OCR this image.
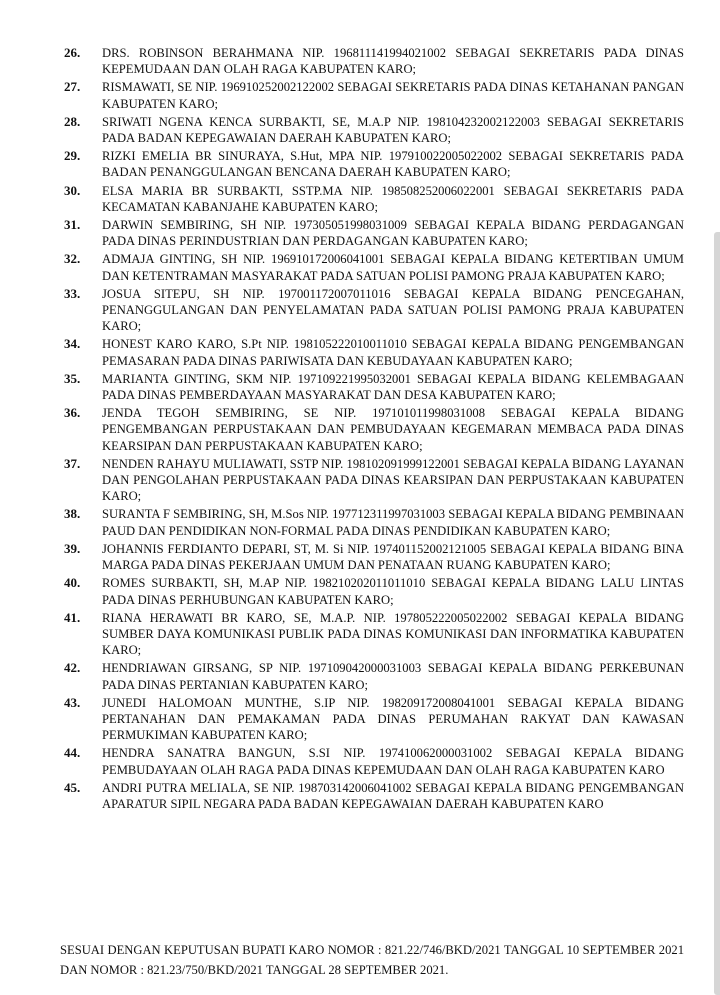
26.	DRS. ROBINSON BERAHMANA NIP. 196811141994021002 SEBAGAI SEKRETARIS PADA DINAS KEPEMUDAAN DAN OLAH RAGA KABUPATEN KARO;
27.	RISMAWATI, SE NIP. 196910252002122002 SEBAGAI SEKRETARIS PADA DINAS KETAHANAN PANGAN KABUPATEN KARO;
28.	SRIWATI NGENA KENCA SURBAKTI, SE, M.A.P NIP. 198104232002122003 SEBAGAI SEKRETARIS PADA BADAN KEPEGAWAIAN DAERAH KABUPATEN KARO;
29.	RIZKI EMELIA BR SINURAYA, S.Hut, MPA NIP. 197910022005022002 SEBAGAI SEKRETARIS PADA BADAN PENANGGULANGAN BENCANA DAERAH KABUPATEN KARO;
30.	ELSA MARIA BR SURBAKTI, SSTP.MA NIP. 198508252006022001 SEBAGAI SEKRETARIS PADA KECAMATAN KABANJAHE KABUPATEN KARO;
31.	DARWIN SEMBIRING, SH NIP. 197305051998031009 SEBAGAI KEPALA BIDANG PERDAGANGAN PADA DINAS PERINDUSTRIAN DAN PERDAGANGAN KABUPATEN KARO;
32.	ADMAJA GINTING, SH NIP. 196910172006041001 SEBAGAI KEPALA BIDANG KETERTIBAN UMUM DAN KETENTRAMAN MASYARAKAT PADA SATUAN POLISI PAMONG PRAJA KABUPATEN KARO;
33.	JOSUA SITEPU, SH NIP. 197001172007011016 SEBAGAI KEPALA BIDANG PENCEGAHAN, PENANGGULANGAN DAN PENYELAMATAN PADA SATUAN POLISI PAMONG PRAJA KABUPATEN KARO;
34.	HONEST KARO KARO, S.Pt NIP. 198105222010011010 SEBAGAI KEPALA BIDANG PENGEMBANGAN PEMASARAN PADA DINAS PARIWISATA DAN KEBUDAYAAN KABUPATEN KARO;
35.	MARIANTA GINTING, SKM NIP. 197109221995032001 SEBAGAI KEPALA BIDANG KELEMBAGAAN PADA DINAS PEMBERDAYAAN MASYARAKAT DAN DESA KABUPATEN KARO;
36.	JENDA TEGOH SEMBIRING, SE NIP. 197101011998031008 SEBAGAI KEPALA BIDANG PENGEMBANGAN PERPUSTAKAAN DAN PEMBUDAYAAN KEGEMARAN MEMBACA PADA DINAS KEARSIPAN DAN PERPUSTAKAAN KABUPATEN KARO;
37.	NENDEN RAHAYU MULIAWATI, SSTP NIP. 198102091999122001 SEBAGAI KEPALA BIDANG LAYANAN DAN PENGOLAHAN PERPUSTAKAAN PADA DINAS KEARSIPAN DAN PERPUSTAKAAN KABUPATEN KARO;
38.	SURANTA F SEMBIRING, SH, M.Sos NIP. 197712311997031003 SEBAGAI KEPALA BIDANG PEMBINAAN PAUD DAN PENDIDIKAN NON-FORMAL PADA DINAS PENDIDIKAN KABUPATEN KARO;
39.	JOHANNIS FERDIANTO DEPARI, ST, M. Si NIP. 197401152002121005 SEBAGAI KEPALA BIDANG BINA MARGA PADA DINAS PEKERJAAN UMUM DAN PENATAAN RUANG KABUPATEN KARO;
40.	ROMES SURBAKTI, SH, M.AP NIP. 198210202011011010 SEBAGAI KEPALA BIDANG LALU LINTAS PADA DINAS PERHUBUNGAN KABUPATEN KARO;
41.	RIANA HERAWATI BR KARO, SE, M.A.P. NIP. 197805222005022002 SEBAGAI KEPALA BIDANG SUMBER DAYA KOMUNIKASI PUBLIK PADA DINAS KOMUNIKASI DAN INFORMATIKA KABUPATEN KARO;
42.	HENDRIAWAN GIRSANG, SP NIP. 197109042000031003 SEBAGAI KEPALA BIDANG PERKEBUNAN PADA DINAS PERTANIAN KABUPATEN KARO;
43.	JUNEDI HALOMOAN MUNTHE, S.IP NIP. 198209172008041001 SEBAGAI KEPALA BIDANG PERTANAHAN DAN PEMAKAMAN PADA DINAS PERUMAHAN RAKYAT DAN KAWASAN PERMUKIMAN KABUPATEN KARO;
44.	HENDRA SANATRA BANGUN, S.SI NIP. 197410062000031002 SEBAGAI KEPALA BIDANG PEMBUDAYAAN OLAH RAGA PADA DINAS KEPEMUDAAN DAN OLAH RAGA KABUPATEN KARO
45.	ANDRI PUTRA MELIALA, SE NIP. 198703142006041002 SEBAGAI KEPALA BIDANG PENGEMBANGAN APARATUR SIPIL NEGARA PADA BADAN KEPEGAWAIAN DAERAH KABUPATEN KARO
SESUAI DENGAN KEPUTUSAN BUPATI KARO NOMOR : 821.22/746/BKD/2021 TANGGAL 10 SEPTEMBER 2021 DAN NOMOR : 821.23/750/BKD/2021 TANGGAL 28 SEPTEMBER 2021.
